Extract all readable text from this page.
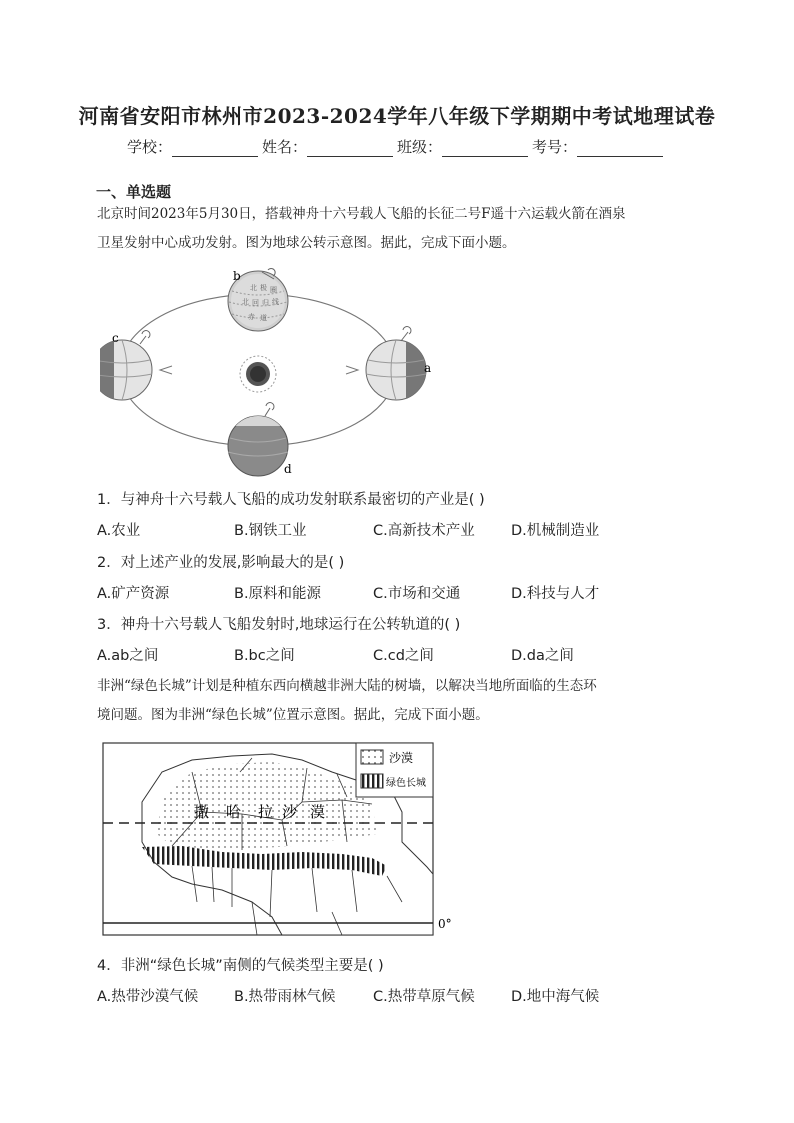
河南省安阳市林州市2023-2024学年八年级下学期期中考试地理试卷
学校：	姓名：	班级：	考号：
一、单选题
北京时间2023年5月30日，搭载神舟十六号载人飞船的长征二号F遥十六运载火箭在酒泉
卫星发射中心成功发射。图为地球公转示意图。据此，完成下面小题。
北 极 圈
北 回 归 线
赤 道
b
a
c
d
1．与神舟十六号载人飞船的成功发射联系最密切的产业是( )
A.农业	B.钢铁工业	C.高新技术产业	D.机械制造业
2．对上述产业的发展,影响最大的是( )
A.矿产资源	B.原料和能源	C.市场和交通	D.科技与人才
3．神舟十六号载人飞船发射时,地球运行在公转轨道的( )
A.ab之间	B.bc之间	C.cd之间	D.da之间
非洲“绿色长城”计划是种植东西向横越非洲大陆的树墙，以解决当地所面临的生态环
境问题。图为非洲“绿色长城”位置示意图。据此，完成下面小题。
0°
撒 哈 拉 沙 漠
沙漠
绿色长城
4．非洲“绿色长城”南侧的气候类型主要是( )
A.热带沙漠气候 B.热带雨林气候	C.热带草原气候	D.地中海气候
